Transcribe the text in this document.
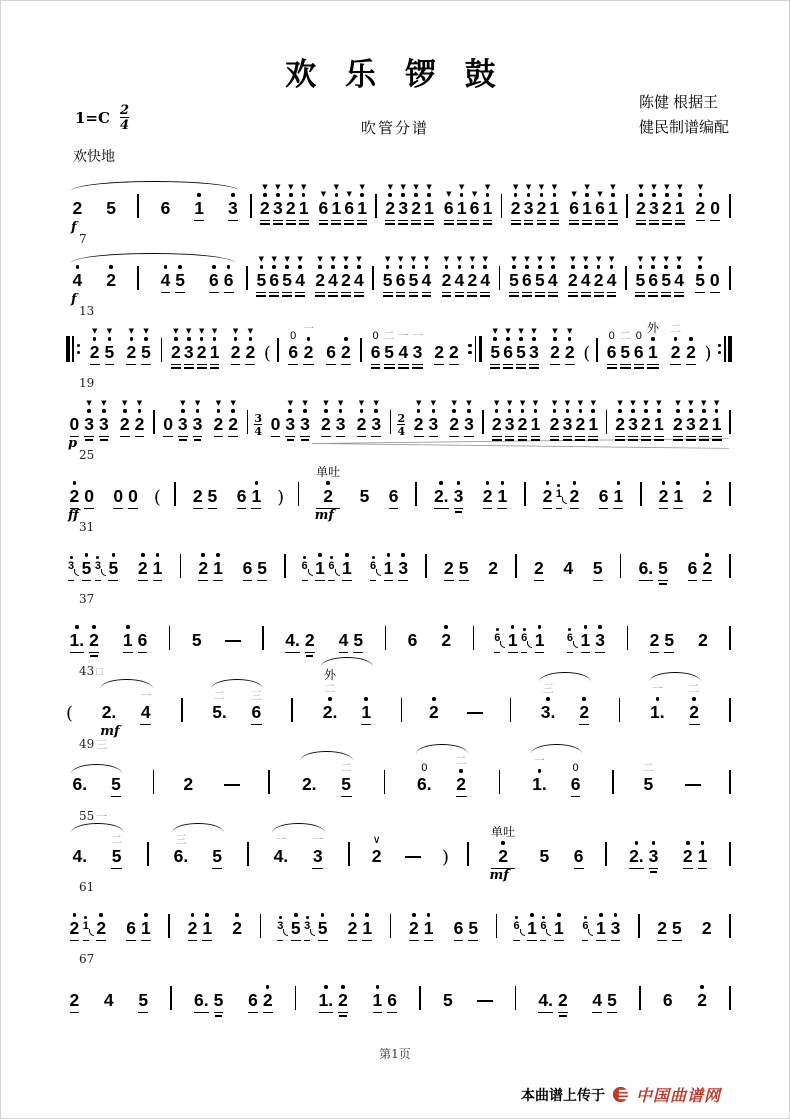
欢 乐 锣 鼓
$1=C \frac{2}{4}$	吹管分谱
陈健 根据王
健民制谱编配
欢快地
2
f
5	6 1 3
▼
2
▼
3
▼
2
▼
1
▼
6
▼
1
▼
6
▼
1
▼
2
▼
3
▼
2
▼
1
▼
6
▼
1
▼
6
▼
1
▼
2
▼
3
▼
2
▼
1
▼
6
▼
1
▼
6
▼
1
▼
2
▼
3
▼
2
▼
1
▼
2 0
7
4
f
2	4 5 6 6
▼
5
▼
6
▼
5
▼
4
▼
2
▼
4
▼
2
▼
4
▼
5
▼
6
▼
5
▼
4
▼
2
▼
4
▼
2
▼
4
▼
5
▼
6
▼
5
▼
4
▼
2
▼
4
▼
2
▼
4
▼
5
▼
6
▼
5
▼
4
▼
5 0
13
▼
2
▼
5
▼
2
▼
5
▼
2
▼
3
▼
2
▼
1
▼
2
▼
2 (
0
6
一
2 6 2
0
6
二
5
一
4
一
3 2 2
▼
5
▼
6
▼
5
▼
3
▼
2
▼
2 (
0
6
二
5
0
6
外
1
二
2 2 )
19
0
p
▼
3
▼
3
▼
2
▼
2 0
▼
3
▼
3
▼
2
▼
$2 \frac{3}{4} 0$
▼
3
▼
3
▼
2
▼
3
▼
2
▼
$3 \frac{2}{4}$
▼
2
▼
3
▼
2
▼
3
▼
2
▼
3
▼
2
▼
1
▼
2
▼
3
▼
2
▼
1
▼
2
▼
3
▼
2
▼
1
▼
2
▼
3
▼
2
▼
1
25
2
ff
0 0 0 ( 2 5 6 1 )
单吐
2
mf
5 6 2. 3 2 1 2 1 2 6 1 2 1 2
31
3 5 3 5 2 1 2 1 6 5	6 1 6 1 6 1 3 2 5 2 2 4 5 6. 5 6 2
37
1. 2 1 6	5	4. 2 4 5	6 2	6 1 6 1 6 1 3	2 5 2
43 □
( 2.
mf
一
4
二
5.
三
6
外
二
2. 1	2
三
3. 2
一
1.
二
2
49 三
6. 5	2	2.
二
5
0
6.
二
2
一
1.
0
6
二
5
55 一
4.
二
5
三
6. 5
一
4.
一
3
∨
2	)
单吐
2
mf
5 6	2. 3 2 1
61
2 1 2 6 1 2 1 2	3 5 3 5 2 1 2 1 6 5	6 1 6 1 6 1 3 2 5 2
67
2 4 5	6. 5 6 2	1. 2 1 6	5	4. 2 4 5	6 2
第1页
本曲谱上传于 中国曲谱网
